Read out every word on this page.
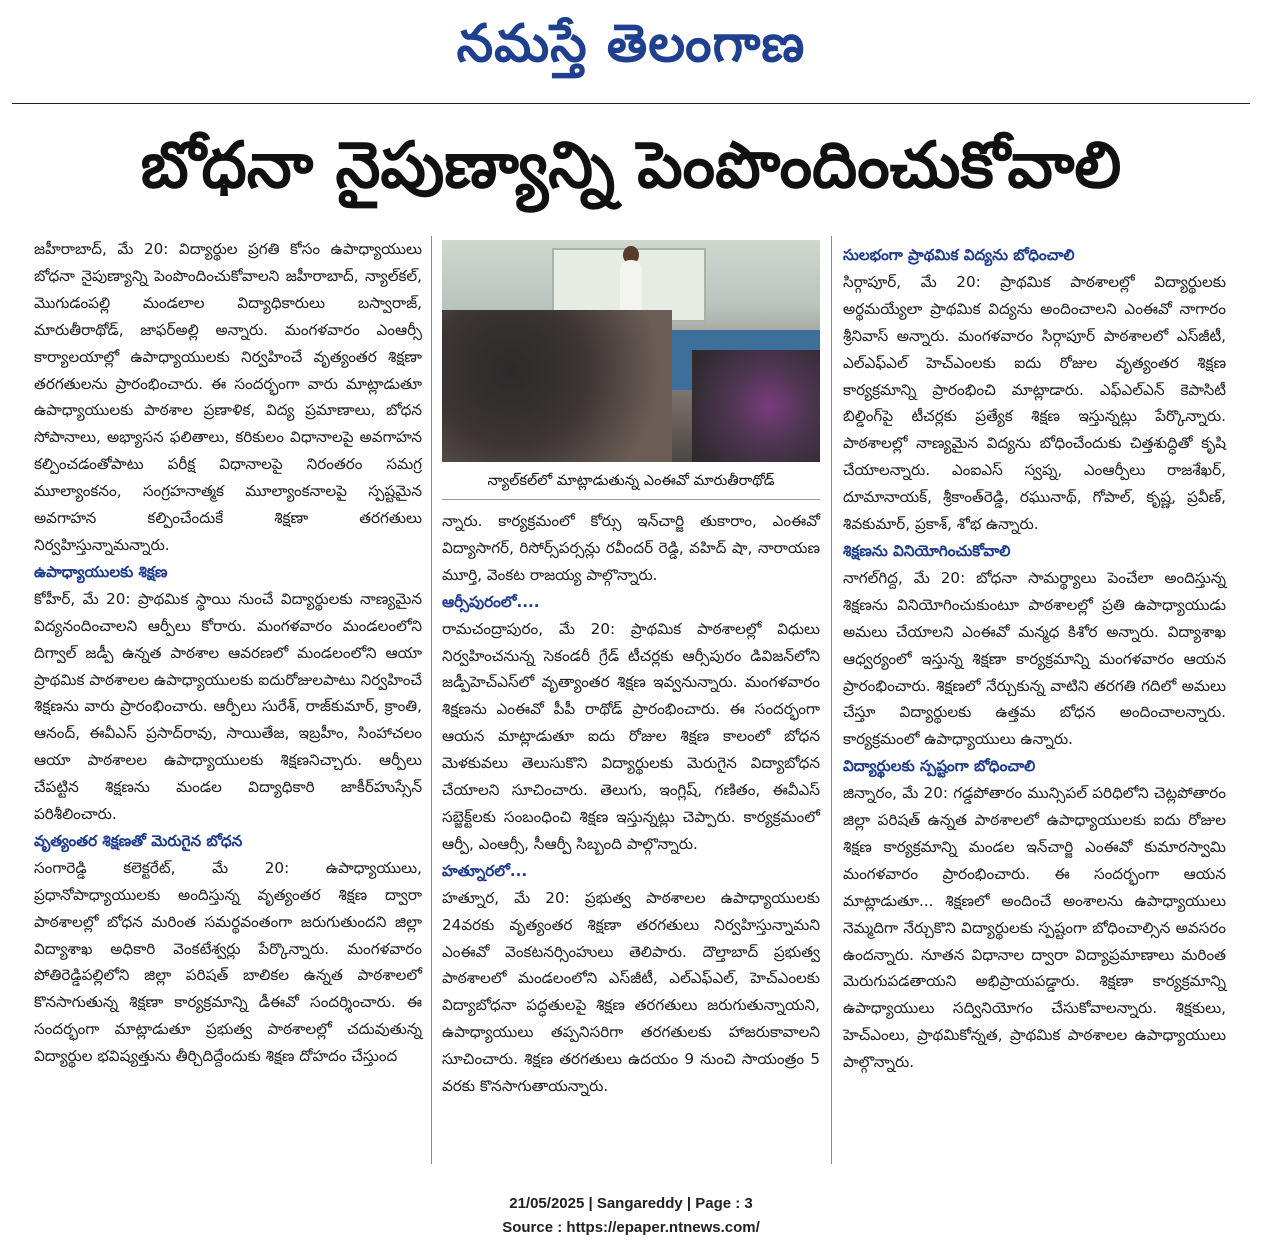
నమస్తే తెలంగాణ
బోధనా నైపుణ్యాన్ని పెంపొందించుకోవాలి

జహీరాబాద్, మే 20: విద్యార్థుల ప్రగతి కోసం ఉపాధ్యాయులు బోధనా నైపుణ్యాన్ని పెంపొందించుకోవాలని జహీరాబాద్, న్యాల్‌కల్, మొగుడంపల్లి మండలాల విద్యాధికారులు బస్వారాజ్, మారుతీరాథోడ్, జాఫర్‌అల్లి అన్నారు. మంగళవారం ఎంఆర్సీ కార్యాలయాల్లో ఉపాధ్యాయులకు నిర్వహించే వృత్యంతర శిక్షణా తరగతులను ప్రారంభించారు. ఈ సందర్భంగా వారు మాట్లాడుతూ ఉపాధ్యాయులకు పాఠశాల ప్రణాళిక, విద్య ప్రమాణాలు, బోధన సోపానాలు, అభ్యాసన ఫలితాలు, కరికులం విధానాలపై అవగాహన కల్పించడంతోపాటు పరీక్ష విధానాలపై నిరంతరం సమగ్ర మూల్యాంకనం, సంగ్రహనాత్మక మూల్యాంకనాలపై స్పష్టమైన అవగాహన కల్పించేందుకే శిక్షణా తరగతులు నిర్వహిస్తున్నామన్నారు.

ఉపాధ్యాయులకు శిక్షణ

కోహీర్, మే 20: ప్రాథమిక స్థాయి నుంచే విద్యార్థులకు నాణ్యమైన విద్యనందించాలని ఆర్పీలు కోరారు. మంగళవారం మండలంలోని దిగ్వాల్ జడ్పీ ఉన్నత పాఠశాల ఆవరణలో మండలంలోని ఆయా ప్రాథమిక పాఠశాలల ఉపాధ్యాయులకు ఐదురోజులపాటు నిర్వహించే శిక్షణను వారు ప్రారంభించారు. ఆర్పీలు సురేశ్, రాజ్‌కుమార్, క్రాంతి, ఆనంద్, ఈవీఎస్ ప్రసాద్‌రావు, సాయితేజ, ఇబ్రహీం, సింహాచలం ఆయా పాఠశాలల ఉపాధ్యాయులకు శిక్షణనిచ్చారు. ఆర్పీలు చేపట్టిన శిక్షణను మండల విద్యాధికారి జాకీర్‌హుస్సేన్ పరిశీలించారు.

వృత్యంతర శిక్షణతో మెరుగైన బోధన

సంగారెడ్డి కలెక్టరేట్, మే 20: ఉపాధ్యాయులు, ప్రధానోపాధ్యాయులకు అందిస్తున్న వృత్యంతర శిక్షణ ద్వారా పాఠశాలల్లో బోధన మరింత సమర్థవంతంగా జరుగుతుందని జిల్లా విద్యాశాఖ అధికారి వెంకటేశ్వర్లు పేర్కొన్నారు. మంగళవారం పోతిరెడ్డిపల్లిలోని జిల్లా పరిషత్ బాలికల ఉన్నత పాఠశాలలో కొనసాగుతున్న శిక్షణా కార్యక్రమాన్ని డీఈవో సందర్శించారు. ఈ సందర్భంగా మాట్లాడుతూ ప్రభుత్వ పాఠశాలల్లో చదువుతున్న విద్యార్థుల భవిష్యత్తును తీర్చిదిద్దేందుకు శిక్షణ దోహదం చేస్తుంద

న్యాల్‌కల్‌లో మాట్లాడుతున్న ఎంఈవో మారుతీరాథోడ్

న్నారు. కార్యక్రమంలో కోర్సు ఇన్‌చార్జి తుకారాం, ఎంఈవో విద్యాసాగర్, రిసోర్స్‌పర్సన్లు రవీందర్ రెడ్డి, వహిద్ షా, నారాయణ మూర్తి, వెంకట రాజయ్య పాల్గొన్నారు.

ఆర్సీపురంలో....

రామచంద్రాపురం, మే 20: ప్రాథమిక పాఠశాలల్లో విధులు నిర్వహించనున్న సెకండరీ గ్రేడ్ టీచర్లకు ఆర్సీపురం డివిజన్‌లోని జడ్పీహెచ్ఎస్‌లో వృత్యాంతర శిక్షణ ఇవ్వనున్నారు. మంగళవారం శిక్షణను ఎంఈవో పీపీ రాథోడ్ ప్రారంభించారు. ఈ సందర్భంగా ఆయన మాట్లాడుతూ ఐదు రోజుల శిక్షణ కాలంలో బోధన మెళకువలు తెలుసుకొని విద్యార్థులకు మెరుగైన విద్యాబోధన చేయాలని సూచించారు. తెలుగు, ఇంగ్లిష్, గణితం, ఈవీఎస్ సబ్జెక్ట్‌లకు సంబంధించి శిక్షణ ఇస్తున్నట్లు చెప్పారు. కార్యక్రమంలో ఆర్పీ, ఎంఆర్సీ, సీఆర్పీ సిబ్బంది పాల్గొన్నారు.

హత్నూరలో...

హత్నూర, మే 20: ప్రభుత్వ పాఠశాలల ఉపాధ్యాయులకు 24వరకు వృత్యంతర శిక్షణా తరగతులు నిర్వహిస్తున్నామని ఎంఈవో వెంకటనర్సింహులు తెలిపారు. దౌల్తాబాద్ ప్రభుత్వ పాఠశాలలో మండలంలోని ఎస్‌జీటీ, ఎల్ఎఫ్ఎల్, హెచ్ఎంలకు విద్యాబోధనా పద్ధతులపై శిక్షణ తరగతులు జరుగుతున్నాయని, ఉపాధ్యాయులు తప్పనిసరిగా తరగతులకు హాజరుకావాలని సూచించారు. శిక్షణ తరగతులు ఉదయం 9 నుంచి సాయంత్రం 5 వరకు కొనసాగుతాయన్నారు.

సులభంగా ప్రాథమిక విద్యను బోధించాలి

సిర్గాపూర్, మే 20: ప్రాథమిక పాఠశాలల్లో విద్యార్థులకు అర్థమయ్యేలా ప్రాథమిక విద్యను అందించాలని ఎంఈవో నాగారం శ్రీనివాస్ అన్నారు. మంగళవారం సిర్గాపూర్ పాఠశాలలో ఎస్‌జీటీ, ఎల్ఎఫ్ఎల్ హెచ్ఎంలకు ఐదు రోజుల వృత్యంతర శిక్షణ కార్యక్రమాన్ని ప్రారంభించి మాట్లాడారు. ఎఫ్ఎల్ఎన్ కెపాసిటీ బిల్డింగ్‌పై టీచర్లకు ప్రత్యేక శిక్షణ ఇస్తున్నట్లు పేర్కొన్నారు. పాఠశాలల్లో నాణ్యమైన విద్యను బోధించేందుకు చిత్తశుద్ధితో కృషి చేయాలన్నారు. ఎంఐఎస్ స్వప్న, ఎంఆర్పీలు రాజశేఖర్, దూమానాయక్, శ్రీకాంత్‌రెడ్డి, రఘునాథ్, గోపాల్, కృష్ణ, ప్రవీణ్, శివకుమార్, ప్రకాశ్, శోభ ఉన్నారు.

శిక్షణను వినియోగించుకోవాలి

నాగల్‌గిద్ద, మే 20: బోధనా సామర్థ్యాలు పెంచేలా అందిస్తున్న శిక్షణను వినియోగించుకుంటూ పాఠశాలల్లో ప్రతి ఉపాధ్యాయుడు అమలు చేయాలని ఎంఈవో మన్మధ కిశోర అన్నారు. విద్యాశాఖ ఆధ్వర్యంలో ఇస్తున్న శిక్షణా కార్యక్రమాన్ని మంగళవారం ఆయన ప్రారంభించారు. శిక్షణలో నేర్చుకున్న వాటిని తరగతి గదిలో అమలు చేస్తూ విద్యార్థులకు ఉత్తమ బోధన అందించాలన్నారు. కార్యక్రమంలో ఉపాధ్యాయులు ఉన్నారు.

విద్యార్థులకు స్పష్టంగా బోధించాలి

జిన్నారం, మే 20: గడ్డపోతారం మున్సిపల్ పరిధిలోని చెట్లపోతారం జిల్లా పరిషత్ ఉన్నత పాఠశాలలో ఉపాధ్యాయులకు ఐదు రోజుల శిక్షణ కార్యక్రమాన్ని మండల ఇన్‌చార్జి ఎంఈవో కుమారస్వామి మంగళవారం ప్రారంభించారు. ఈ సందర్భంగా ఆయన మాట్లాడుతూ... శిక్షణలో అందించే అంశాలను ఉపాధ్యాయులు నెమ్మదిగా నేర్చుకొని విద్యార్థులకు స్పష్టంగా బోధించాల్సిన అవసరం ఉందన్నారు. నూతన విధానాల ద్వారా విద్యాప్రమాణాలు మరింత మెరుగుపడతాయని అభిప్రాయపడ్డారు. శిక్షణా కార్యక్రమాన్ని ఉపాధ్యాయులు సద్వినియోగం చేసుకోవాలన్నారు. శిక్షకులు, హెచ్ఎంలు, ప్రాథమికోన్నత, ప్రాథమిక పాఠశాలల ఉపాధ్యాయులు పాల్గొన్నారు.

21/05/2025 | Sangareddy | Page : 3
Source : https://epaper.ntnews.com/
